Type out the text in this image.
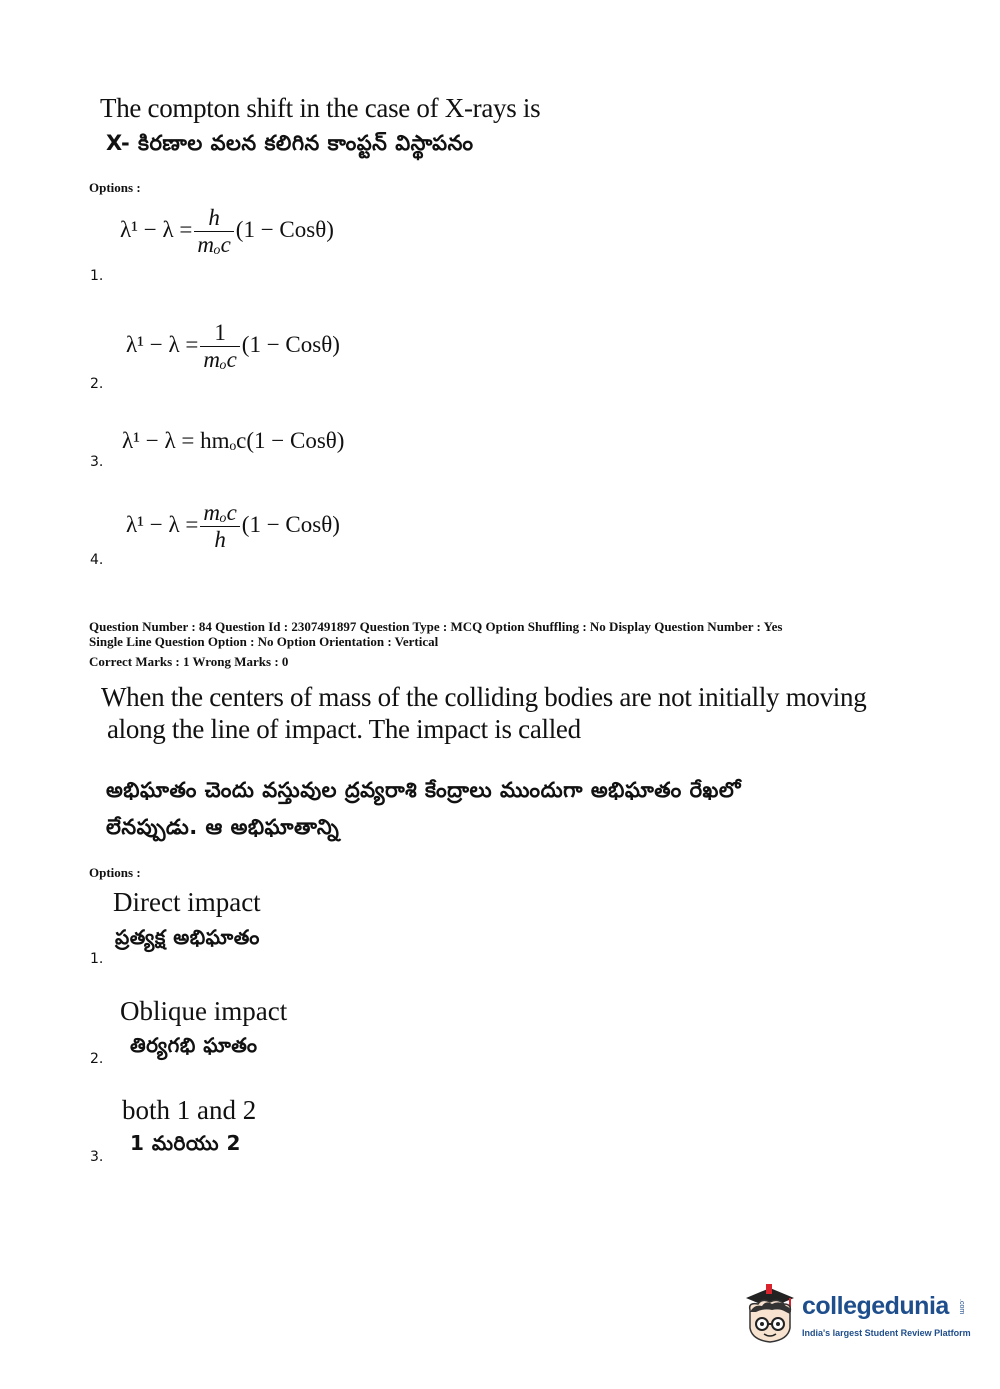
The compton shift in the case of X-rays is
X- కిరణాల వలన కలిగిన కాంప్టన్ విస్థాపనం
Options :
$\lambda^1 - \lambda = \frac{h}{\text{mₒc}} (1 - Cos\theta)$
1.
$\lambda^1 - \lambda = \frac{1}{\text{mₒc}} (1 - Cos\theta)$
2.
λ¹ − λ = hmₒc(1 − Cosθ)
3.
$\lambda^1 - \lambda = \frac{\text{mₒc}}{h} (1 - Cos\theta)$
4.
Question Number : 84 Question Id : 2307491897 Question Type : MCQ Option Shuffling : No Display Question Number : Yes
Single Line Question Option : No Option Orientation : Vertical
Correct Marks : 1 Wrong Marks : 0
When the centers of mass of the colliding bodies are not initially moving
along the line of impact. The impact is called
అభిఘాతం చెందు వస్తువుల ద్రవ్యరాశి కేంద్రాలు ముందుగా అభిఘాతం రేఖలో
లేనప్పుడు. ఆ అభిఘాతాన్ని
Options :
Direct impact
ప్రత్యక్ష అభిఘాతం
1.
Oblique impact
తిర్యగభి ఘాతం
2.
both 1 and 2
1 మరియు 2
3.
collegedunia .com
India's largest Student Review Platform
